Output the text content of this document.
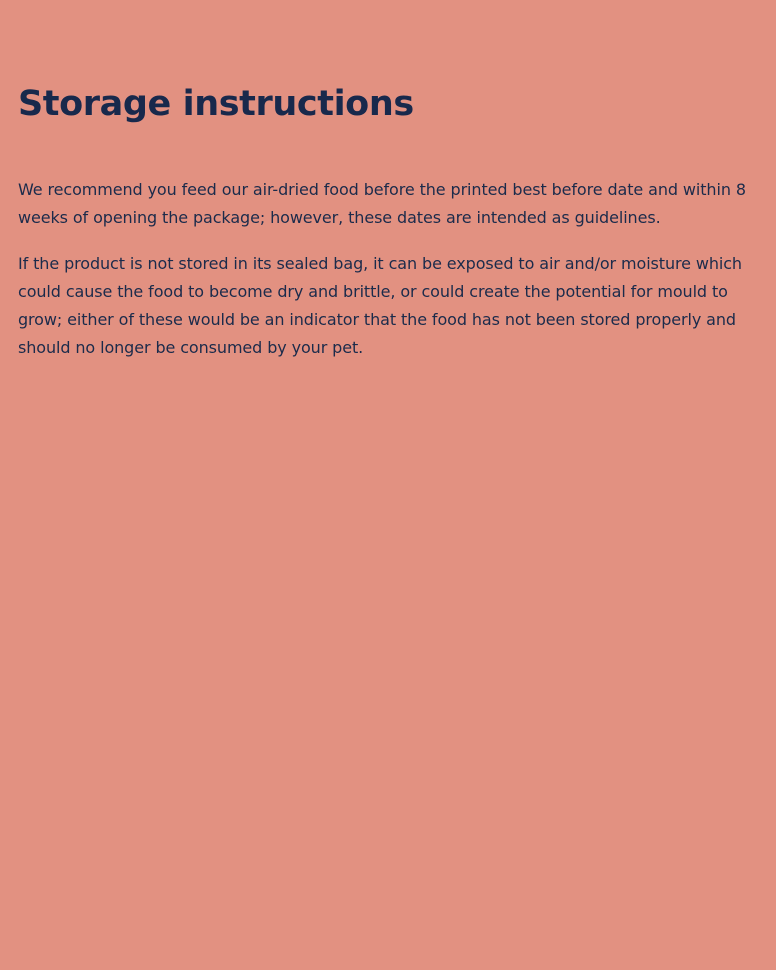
Storage instructions

We recommend you feed our air-dried food before the printed best before date and within 8 weeks of opening the package; however, these dates are intended as guidelines.

If the product is not stored in its sealed bag, it can be exposed to air and/or moisture which could cause the food to become dry and brittle, or could create the potential for mould to grow; either of these would be an indicator that the food has not been stored properly and should no longer be consumed by your pet.
